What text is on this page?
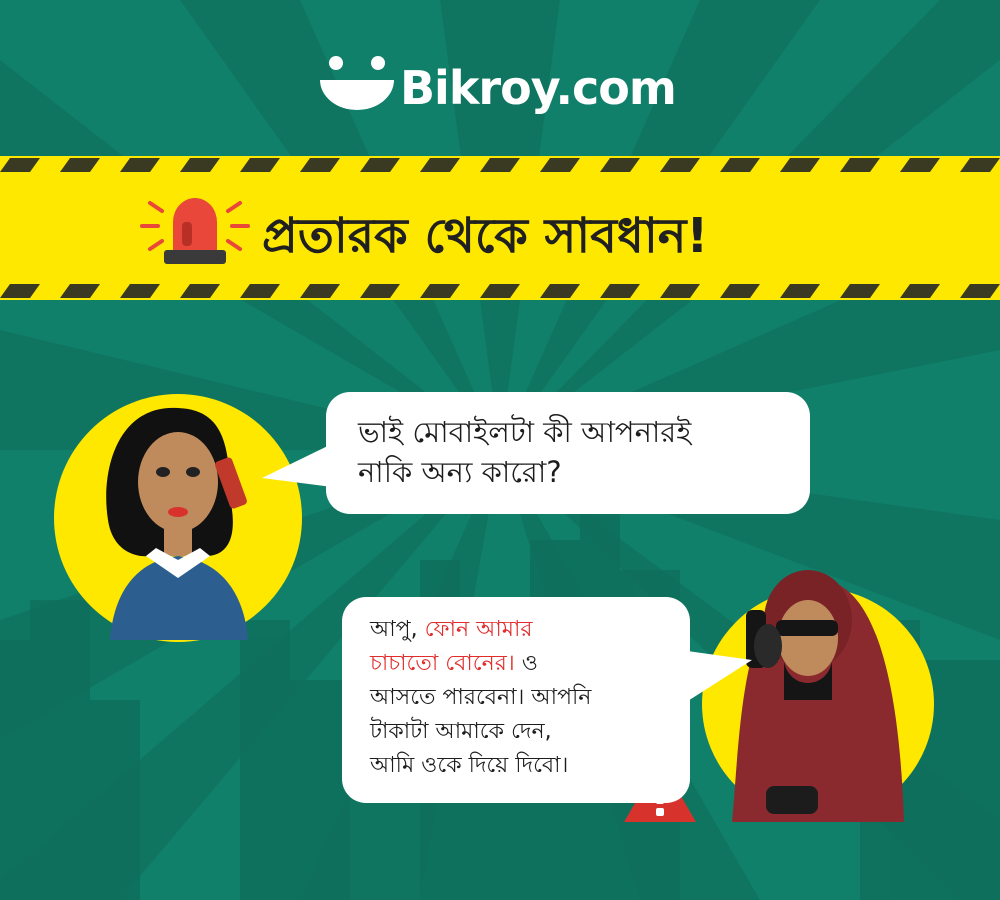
Bikroy.com
প্রতারক থেকে সাবধান!
ভাই মোবাইলটা কী আপনারই
নাকি অন্য কারো?
আপু, ফোন আমার
চাচাতো বোনের। ও
আসতে পারবেনা। আপনি
টাকাটা আমাকে দেন,
আমি ওকে দিয়ে দিবো।
